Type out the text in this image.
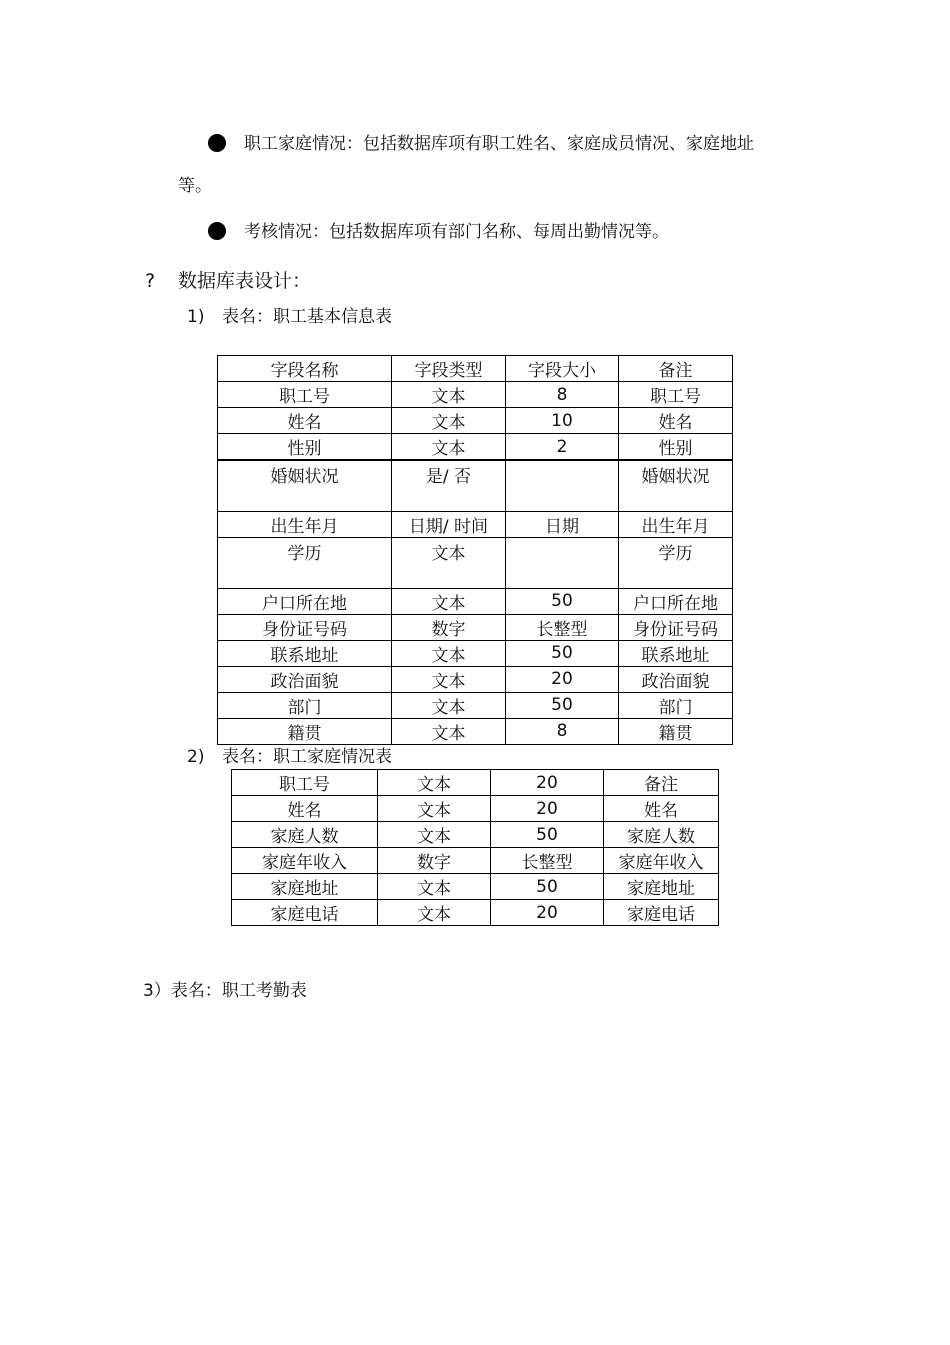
职工家庭情况：包括数据库项有职工姓名、家庭成员情况、家庭地址
等。
考核情况：包括数据库项有部门名称、每周出勤情况等。
? 数据库表设计：
1) 表名：职工基本信息表
字段名称	字段类型	字段大小	备注
职工号	文本	8	职工号
姓名	文本	10	姓名
性别	文本	2	性别
婚姻状况	是/ 否		婚姻状况
出生年月	日期/ 时间	日期	出生年月
学历	文本		学历
户口所在地	文本	50	户口所在地
身份证号码	数字	长整型	身份证号码
联系地址	文本	50	联系地址
政治面貌	文本	20	政治面貌
部门	文本	50	部门
籍贯	文本	8	籍贯
2) 表名：职工家庭情况表
职工号	文本	20	备注
姓名	文本	20	姓名
家庭人数	文本	50	家庭人数
家庭年收入	数字	长整型	家庭年收入
家庭地址	文本	50	家庭地址
家庭电话	文本	20	家庭电话
3）表名：职工考勤表
